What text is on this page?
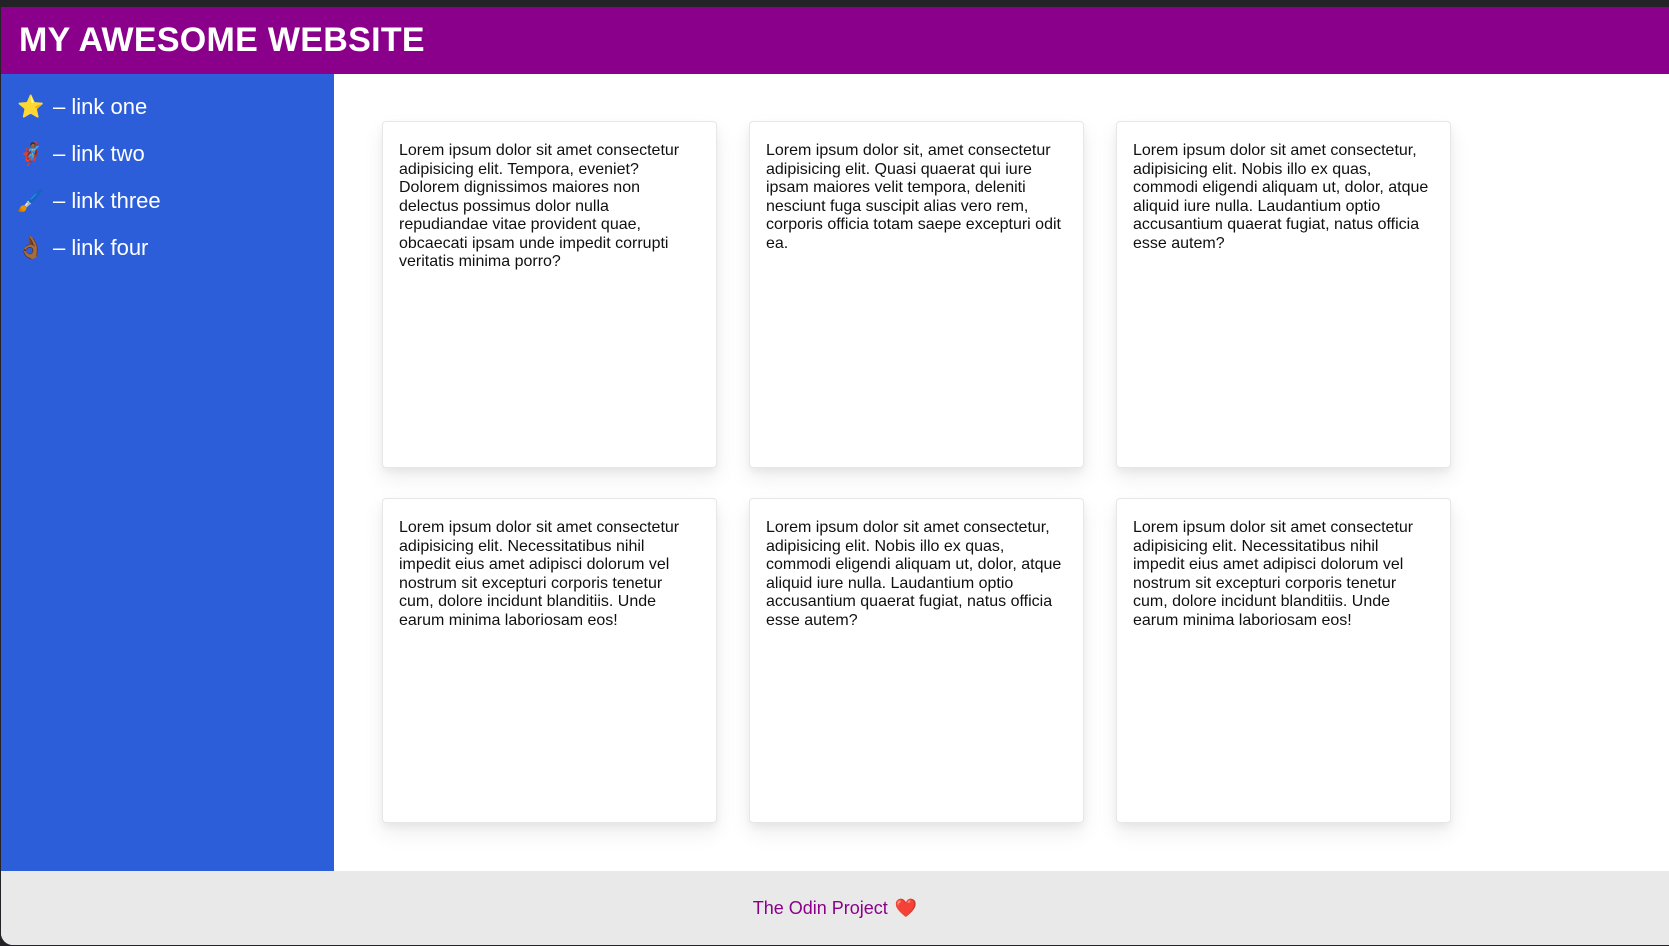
MY AWESOME WEBSITE
⭐ – link one
🦸🏾 – link two
🖌️ – link three
👌🏾 – link four

Lorem ipsum dolor sit amet consectetur adipisicing elit. Tempora, eveniet? Dolorem dignissimos maiores non delectus possimus dolor nulla repudiandae vitae provident quae, obcaecati ipsam unde impedit corrupti veritatis minima porro?

Lorem ipsum dolor sit, amet consectetur adipisicing elit. Quasi quaerat qui iure ipsam maiores velit tempora, deleniti nesciunt fuga suscipit alias vero rem, corporis officia totam saepe excepturi odit ea.

Lorem ipsum dolor sit amet consectetur, adipisicing elit. Nobis illo ex quas, commodi eligendi aliquam ut, dolor, atque aliquid iure nulla. Laudantium optio accusantium quaerat fugiat, natus officia esse autem?

Lorem ipsum dolor sit amet consectetur adipisicing elit. Necessitatibus nihil impedit eius amet adipisci dolorum vel nostrum sit excepturi corporis tenetur cum, dolore incidunt blanditiis. Unde earum minima laboriosam eos!

Lorem ipsum dolor sit amet consectetur, adipisicing elit. Nobis illo ex quas, commodi eligendi aliquam ut, dolor, atque aliquid iure nulla. Laudantium optio accusantium quaerat fugiat, natus officia esse autem?

Lorem ipsum dolor sit amet consectetur adipisicing elit. Necessitatibus nihil impedit eius amet adipisci dolorum vel nostrum sit excepturi corporis tenetur cum, dolore incidunt blanditiis. Unde earum minima laboriosam eos!

The Odin Project ❤️
